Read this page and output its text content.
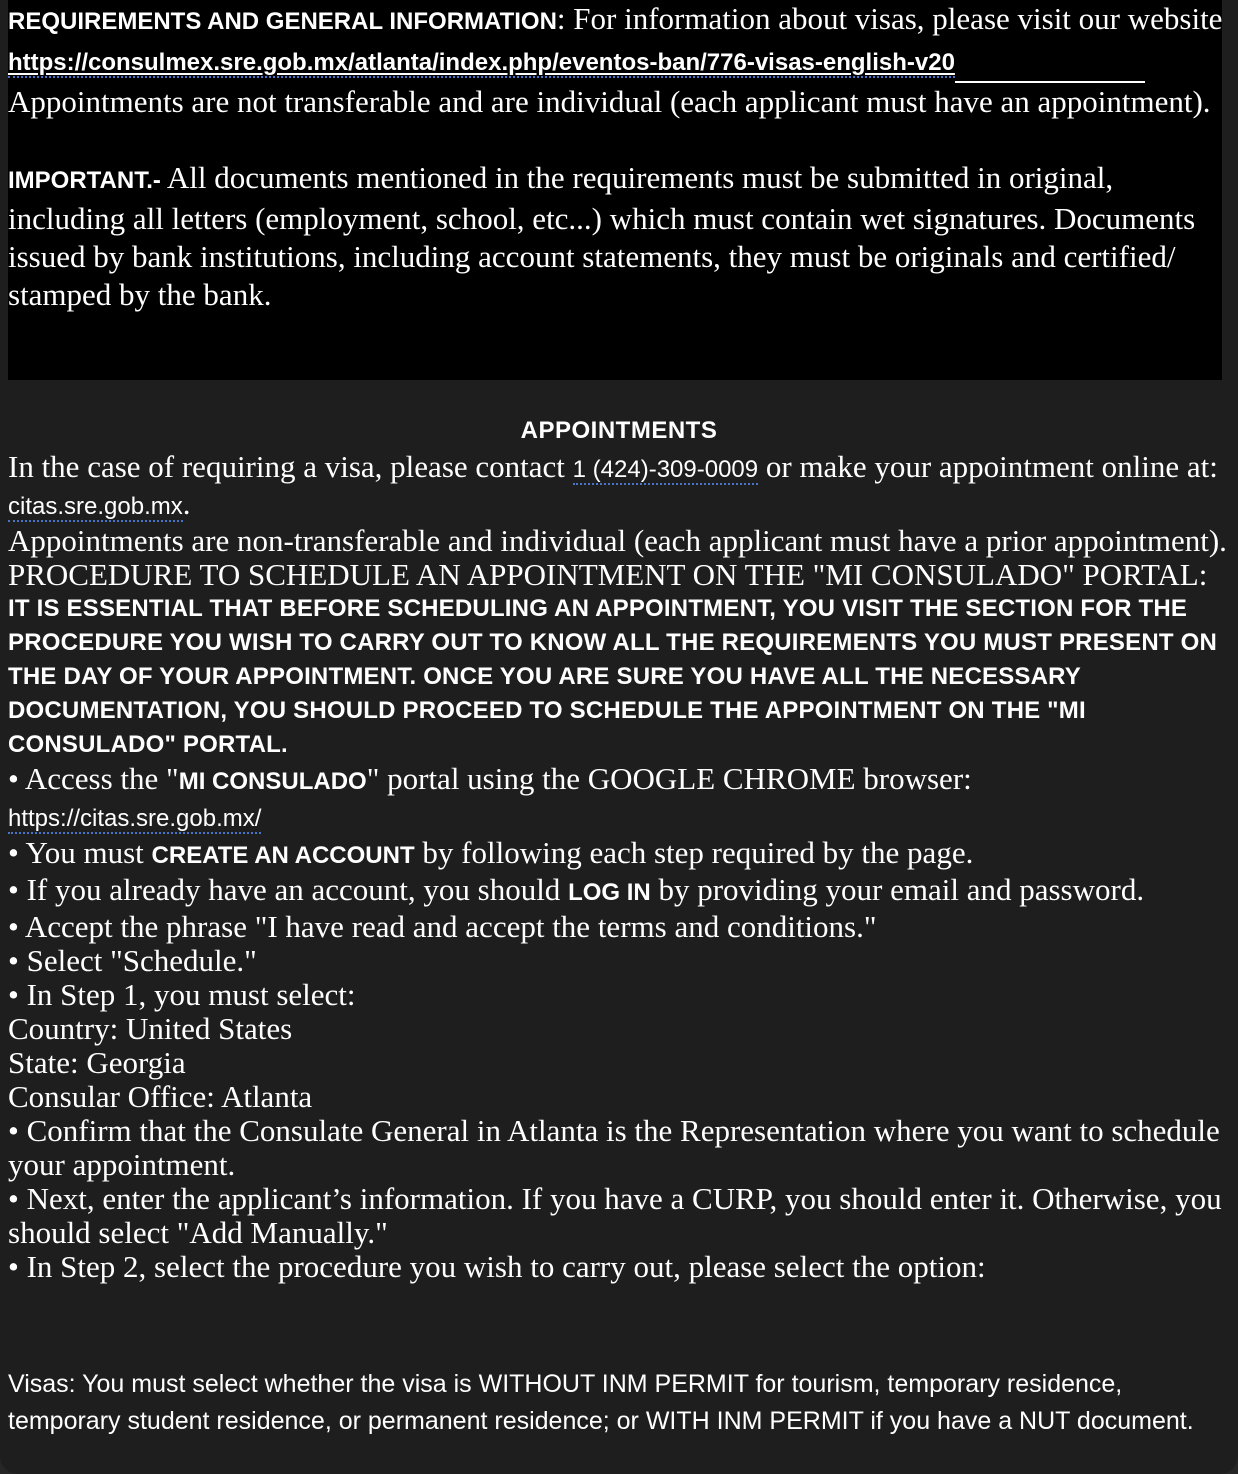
REQUIREMENTS AND GENERAL INFORMATION: For information about visas, please visit our website https://consulmex.sre.gob.mx/atlanta/index.php/eventos-ban/776-visas-english-v20
Appointments are not transferable and are individual (each applicant must have an appointment).

IMPORTANT.- All documents mentioned in the requirements must be submitted in original, including all letters (employment, school, etc...) which must contain wet signatures. Documents issued by bank institutions, including account statements, they must be originals and certified/ stamped by the bank.
APPOINTMENTS
In the case of requiring a visa, please contact 1 (424)-309-0009 or make your appointment online at: citas.sre.gob.mx.
Appointments are non-transferable and individual (each applicant must have a prior appointment).
PROCEDURE TO SCHEDULE AN APPOINTMENT ON THE "MI CONSULADO" PORTAL:
IT IS ESSENTIAL THAT BEFORE SCHEDULING AN APPOINTMENT, YOU VISIT THE SECTION FOR THE PROCEDURE YOU WISH TO CARRY OUT TO KNOW ALL THE REQUIREMENTS YOU MUST PRESENT ON THE DAY OF YOUR APPOINTMENT. ONCE YOU ARE SURE YOU HAVE ALL THE NECESSARY DOCUMENTATION, YOU SHOULD PROCEED TO SCHEDULE THE APPOINTMENT ON THE "MI CONSULADO" PORTAL.
• Access the "MI CONSULADO" portal using the GOOGLE CHROME browser:
https://citas.sre.gob.mx/
• You must CREATE AN ACCOUNT by following each step required by the page.
• If you already have an account, you should LOG IN by providing your email and password.
• Accept the phrase "I have read and accept the terms and conditions."
• Select "Schedule."
• In Step 1, you must select:
Country: United States
State: Georgia
Consular Office: Atlanta
• Confirm that the Consulate General in Atlanta is the Representation where you want to schedule your appointment.
• Next, enter the applicant’s information. If you have a CURP, you should enter it. Otherwise, you should select "Add Manually."
• In Step 2, select the procedure you wish to carry out, please select the option:
Visas: You must select whether the visa is WITHOUT INM PERMIT for tourism, temporary residence, temporary student residence, or permanent residence; or WITH INM PERMIT if you have a NUT document.
